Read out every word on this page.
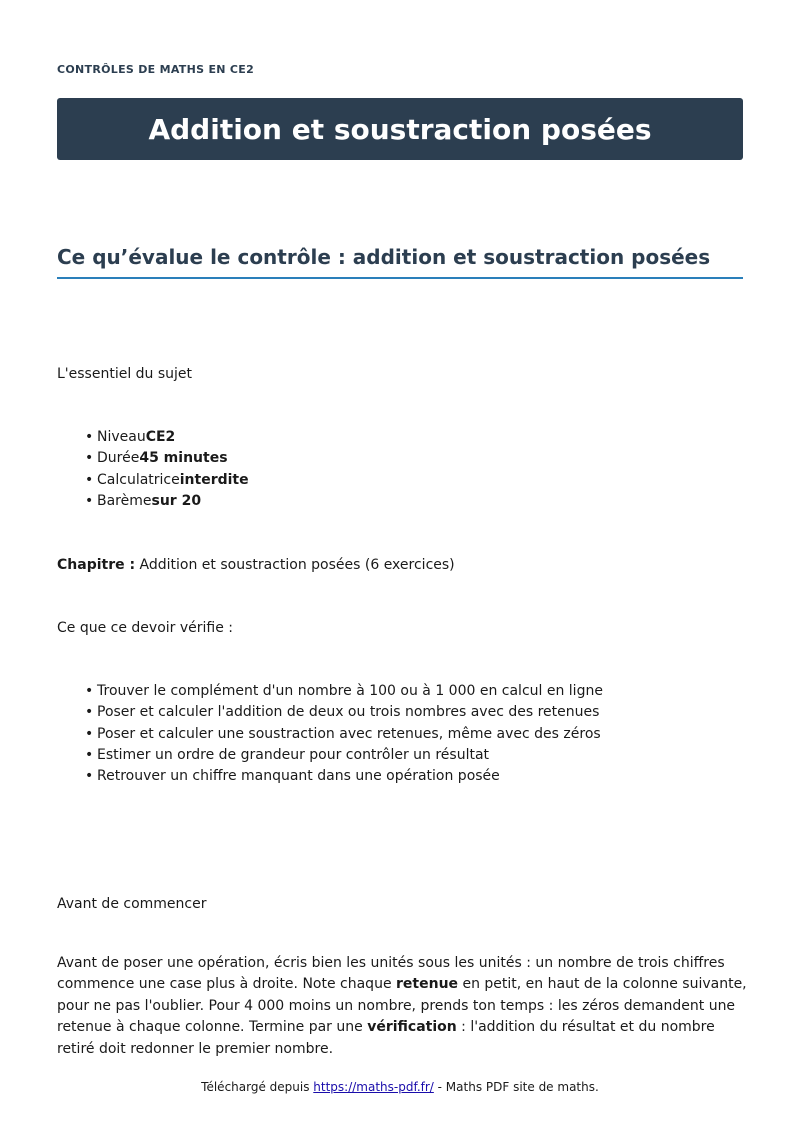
CONTRÔLES DE MATHS EN CE2
Addition et soustraction posées
Ce qu’évalue le contrôle : addition et soustraction posées

L'essentiel du sujet

• NiveauCE2
• Durée45 minutes
• Calculatriceinterdite
• Barèmesur 20

Chapitre : Addition et soustraction posées (6 exercices)

Ce que ce devoir vérifie :

• Trouver le complément d'un nombre à 100 ou à 1 000 en calcul en ligne
• Poser et calculer l'addition de deux ou trois nombres avec des retenues
• Poser et calculer une soustraction avec retenues, même avec des zéros
• Estimer un ordre de grandeur pour contrôler un résultat
• Retrouver un chiffre manquant dans une opération posée

Avant de commencer

Avant de poser une opération, écris bien les unités sous les unités : un nombre de trois chiffres commence une case plus à droite. Note chaque retenue en petit, en haut de la colonne suivante, pour ne pas l'oublier. Pour 4 000 moins un nombre, prends ton temps : les zéros demandent une retenue à chaque colonne. Termine par une vérification : l'addition du résultat et du nombre retiré doit redonner le premier nombre.

Téléchargé depuis https://maths-pdf.fr/ - Maths PDF site de maths.
